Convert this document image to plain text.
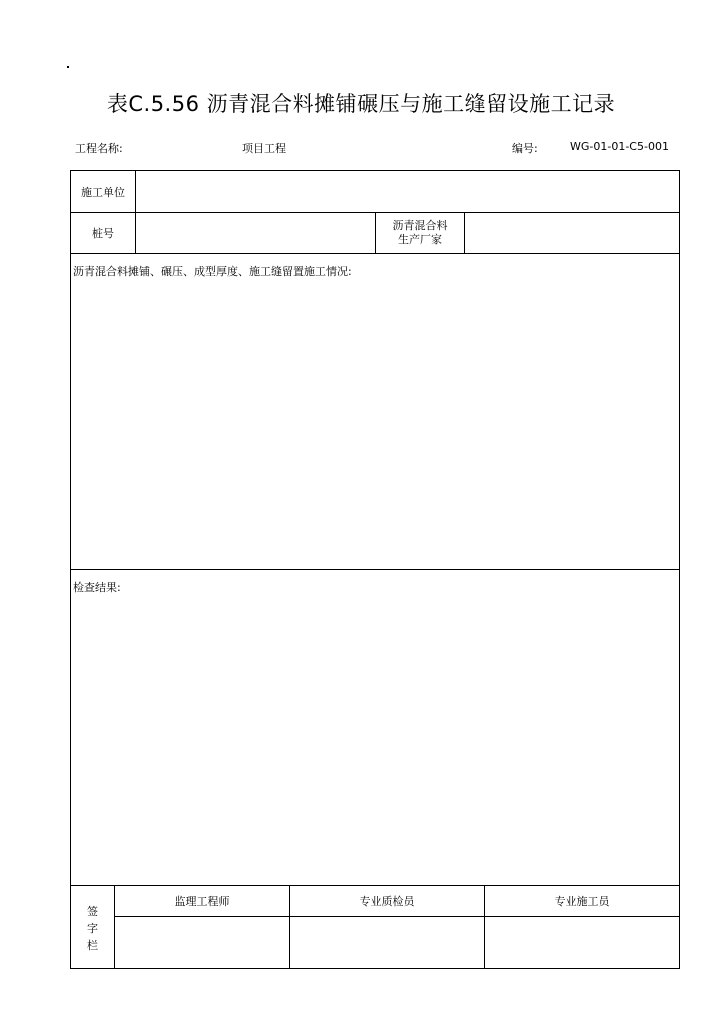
表C.5.56 沥青混合料摊铺碾压与施工缝留设施工记录
工程名称:	项目工程	编号:	WG-01-01-C5-001
施工单位
桩号
沥青混合料
生产厂家
沥青混合料摊铺、碾压、成型厚度、施工缝留置施工情况:
检查结果:
签
字
栏
监理工程师	专业质检员	专业施工员
